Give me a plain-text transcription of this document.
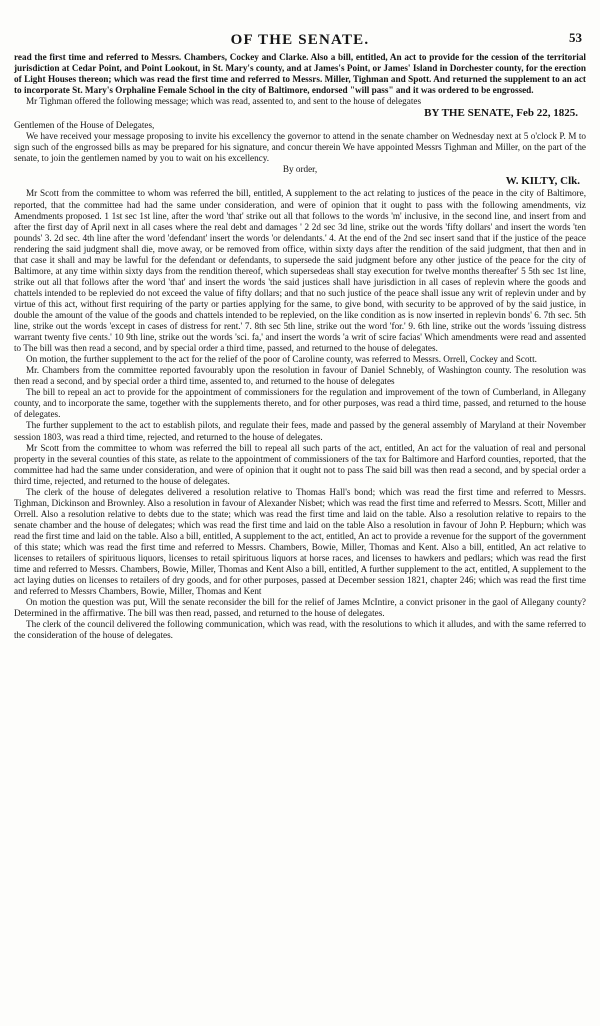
OF THE SENATE.	53

read the first time and referred to Messrs. Chambers, Cockey and Clarke. Also a bill, entitled, An act to provide for the cession of the territorial jurisdiction at Cedar Point, and Point Lookout, in St. Mary's county, and at James's Point, or James' Island in Dorchester county, for the erection of Light Houses thereon; which was read the first time and referred to Messrs. Miller, Tighman and Spott. And returned the supplement to an act to incorporate St. Mary's Orphaline Female School in the city of Baltimore, endorsed "will pass" and it was ordered to be engrossed.

Mr Tighman offered the following message; which was read, assented to, and sent to the house of delegates

BY THE SENATE, Feb 22, 1825.

Gentlemen of the House of Delegates,

We have received your message proposing to invite his excellency the governor to attend in the senate chamber on Wednesday next at 5 o'clock P. M to sign such of the engrossed bills as may be prepared for his signature, and concur therein We have appointed Messrs Tighman and Miller, on the part of the senate, to join the gentlemen named by you to wait on his excellency.

By order,

W. KILTY, Clk.

Mr Scott from the committee to whom was referred the bill, entitled, A supplement to the act relating to justices of the peace in the city of Baltimore, reported, that the committee had had the same under consideration, and were of opinion that it ought to pass with the following amendments, viz Amendments proposed. 1 1st sec 1st line, after the word 'that' strike out all that follows to the words 'm' inclusive, in the second line, and insert from and after the first day of April next in all cases where the real debt and damages ' 2 2d sec 3d line, strike out the words 'fifty dollars' and insert the words 'ten pounds' 3. 2d sec. 4th line after the word 'defendant' insert the words 'or delendants.' 4. At the end of the 2nd sec insert sand that if the justice of the peace rendering the said judgment shall die, move away, or be removed from office, within sixty days after the rendition of the said judgment, that then and in that case it shall and may be lawful for the defendant or defendants, to supersede the said judgment before any other justice of the peace for the city of Baltimore, at any time within sixty days from the rendition thereof, which supersedeas shall stay execution for twelve months thereafter' 5 5th sec 1st line, strike out all that follows after the word 'that' and insert the words 'the said justices shall have jurisdiction in all cases of replevin where the goods and chattels intended to be replevied do not exceed the value of fifty dollars; and that no such justice of the peace shall issue any writ of replevin under and by virtue of this act, without first requiring of the party or parties applying for the same, to give bond, with security to be approved of by the said justice, in double the amount of the value of the goods and chattels intended to be replevied, on the like condition as is now inserted in replevin bonds' 6. 7th sec. 5th line, strike out the words 'except in cases of distress for rent.' 7. 8th sec 5th line, strike out the word 'for.' 9. 6th line, strike out the words 'issuing distress warrant twenty five cents.' 10 9th line, strike out the words 'sci. fa,' and insert the words 'a writ of scire facias' Which amendments were read and assented to The bill was then read a second, and by special order a third time, passed, and returned to the house of delegates.

On motion, the further supplement to the act for the relief of the poor of Caroline county, was referred to Messrs. Orrell, Cockey and Scott.

Mr. Chambers from the committee reported favourably upon the resolution in favour of Daniel Schnebly, of Washington county. The resolution was then read a second, and by special order a third time, assented to, and returned to the house of delegates

The bill to repeal an act to provide for the appointment of commissioners for the regulation and improvement of the town of Cumberland, in Allegany county, and to incorporate the same, together with the supplements thereto, and for other purposes, was read a third time, passed, and returned to the house of delegates.

The further supplement to the act to establish pilots, and regulate their fees, made and passed by the general assembly of Maryland at their November session 1803, was read a third time, rejected, and returned to the house of delegates.

Mr Scott from the committee to whom was referred the bill to repeal all such parts of the act, entitled, An act for the valuation of real and personal property in the several counties of this state, as relate to the appointment of commissioners of the tax for Baltimore and Harford counties, reported, that the committee had had the same under consideration, and were of opinion that it ought not to pass The said bill was then read a second, and by special order a third time, rejected, and returned to the house of delegates.

The clerk of the house of delegates delivered a resolution relative to Thomas Hall's bond; which was read the first time and referred to Messrs. Tighman, Dickinson and Brownley. Also a resolution in favour of Alexander Nisbet; which was read the first time and referred to Messrs. Scott, Miller and Orrell. Also a resolution relative to debts due to the state; which was read the first time and laid on the table. Also a resolution relative to repairs to the senate chamber and the house of delegates; which was read the first time and laid on the table Also a resolution in favour of John P. Hepburn; which was read the first time and laid on the table. Also a bill, entitled, A supplement to the act, entitled, An act to provide a revenue for the support of the government of this state; which was read the first time and referred to Messrs. Chambers, Bowie, Miller, Thomas and Kent. Also a bill, entitled, An act relative to licenses to retailers of spirituous liquors, licenses to retail spirituous liquors at horse races, and licenses to hawkers and pedlars; which was read the first time and referred to Messrs. Chambers, Bowie, Miller, Thomas and Kent Also a bill, entitled, A further supplement to the act, entitled, A supplement to the act laying duties on licenses to retailers of dry goods, and for other purposes, passed at December session 1821, chapter 246; which was read the first time and referred to Messrs Chambers, Bowie, Miller, Thomas and Kent

On motion the question was put, Will the senate reconsider the bill for the relief of James McIntire, a convict prisoner in the gaol of Allegany county? Determined in the affirmative. The bill was then read, passed, and returned to the house of delegates.

The clerk of the council delivered the following communication, which was read, with the resolutions to which it alludes, and with the same referred to the consideration of the house of delegates.
